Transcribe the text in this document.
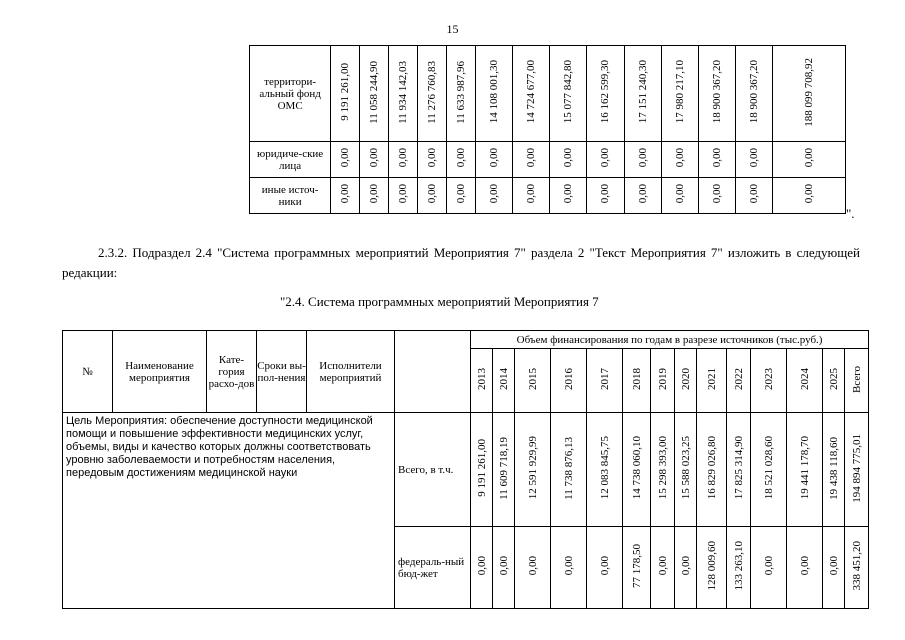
15
	территори-альный фонд ОМС	9 191 261,00	11 058 244,90	11 934 142,03	11 276 760,83	11 633 987,96	14 108 001,30	14 724 677,00	15 077 842,80	16 162 599,30	17 151 240,30	17 980 217,10	18 900 367,20	18 900 367,20	188 099 708,92
	юридиче-ские лица	0,00	0,00	0,00	0,00	0,00	0,00	0,00	0,00	0,00	0,00	0,00	0,00	0,00	0,00
	иные источ-ники	0,00	0,00	0,00	0,00	0,00	0,00	0,00	0,00	0,00	0,00	0,00	0,00	0,00	0,00
".
2.3.2. Подраздел 2.4 "Система программных мероприятий Мероприятия 7" раздела 2 "Текст Мероприятия 7" изложить в следующей редакции:
"2.4. Система программных мероприятий Мероприятия 7
№	Наименование мероприятия	Кате-гория расхо-дов	Сроки вы-пол-нения	Исполнители мероприятий		Объем финансирования по годам в разрезе источников (тыс.руб.)													
						2013	2014	2015	2016	2017	2018	2019	2020	2021	2022	2023	2024	2025	Всего
Цель Мероприятия: обеспечение доступности медицинской помощи и повышение эффективности медицинских услуг, объемы, виды и качество которых должны соответствовать уровню заболеваемости и потребностям населения, передовым достижениям медицинской науки					Всего, в т.ч.	9 191 261,00	11 609 718,19	12 591 929,99	11 738 876,13	12 083 845,75	14 738 060,10	15 298 393,00	15 588 023,25	16 829 026,80	17 825 314,90	18 521 028,60	19 441 178,70	19 438 118,60	194 894 775,01
					федераль-ный бюд-жет	0,00	0,00	0,00	0,00	0,00	77 178,50	0,00	0,00	128 009,60	133 263,10	0,00	0,00	0,00	338 451,20
